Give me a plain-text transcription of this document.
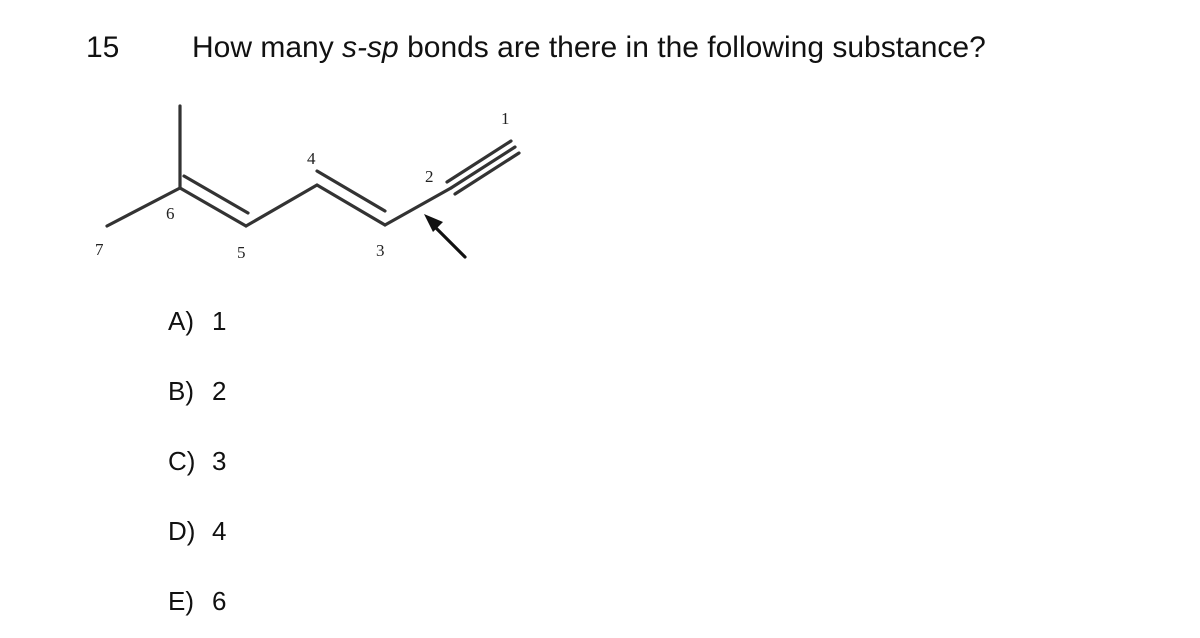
15 How many s-sp bonds are there in the following substance?
1
2
3
4
5
6
7
A) 1
B) 2
C) 3
D) 4
E) 6
